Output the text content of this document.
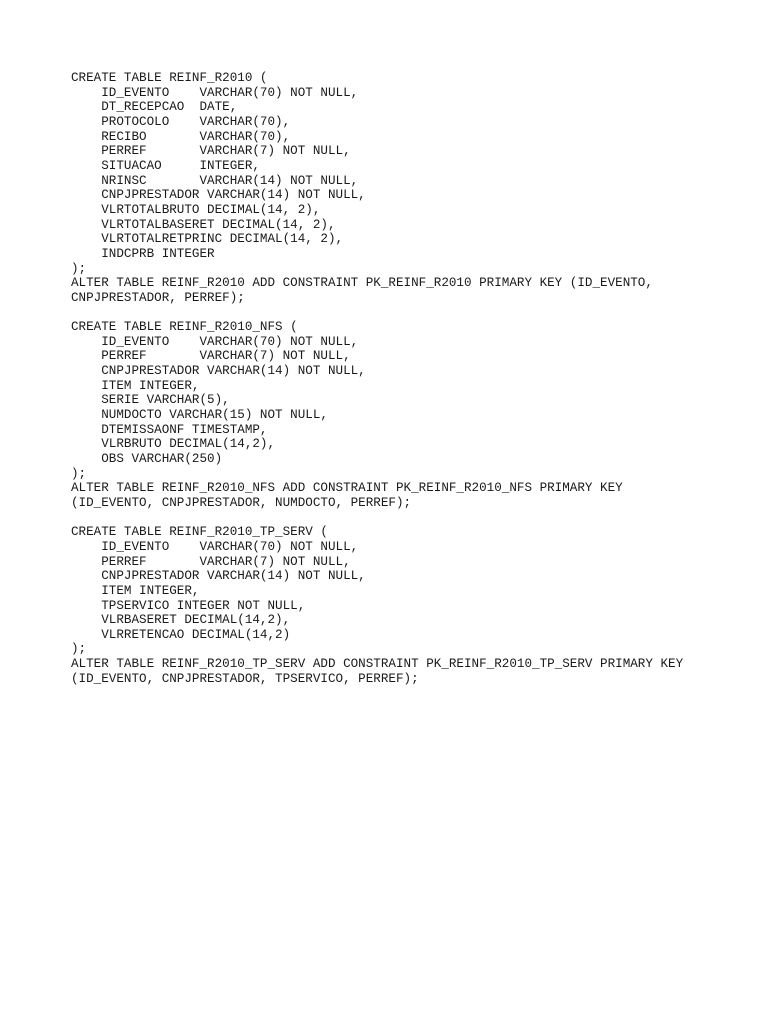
CREATE TABLE REINF_R2010 (
ID_EVENTO    VARCHAR(70) NOT NULL,
DT_RECEPCAO  DATE,
PROTOCOLO    VARCHAR(70),
RECIBO       VARCHAR(70),
PERREF       VARCHAR(7) NOT NULL,
SITUACAO     INTEGER,
NRINSC       VARCHAR(14) NOT NULL,
CNPJPRESTADOR VARCHAR(14) NOT NULL,
VLRTOTALBRUTO DECIMAL(14, 2),
VLRTOTALBASERET DECIMAL(14, 2),
VLRTOTALRETPRINC DECIMAL(14, 2),
INDCPRB INTEGER
);
ALTER TABLE REINF_R2010 ADD CONSTRAINT PK_REINF_R2010 PRIMARY KEY (ID_EVENTO,
CNPJPRESTADOR, PERREF);
CREATE TABLE REINF_R2010_NFS (
ID_EVENTO    VARCHAR(70) NOT NULL,
PERREF       VARCHAR(7) NOT NULL,
CNPJPRESTADOR VARCHAR(14) NOT NULL,
ITEM INTEGER,
SERIE VARCHAR(5),
NUMDOCTO VARCHAR(15) NOT NULL,
DTEMISSAONF TIMESTAMP,
VLRBRUTO DECIMAL(14,2),
OBS VARCHAR(250)
);
ALTER TABLE REINF_R2010_NFS ADD CONSTRAINT PK_REINF_R2010_NFS PRIMARY KEY
(ID_EVENTO, CNPJPRESTADOR, NUMDOCTO, PERREF);
CREATE TABLE REINF_R2010_TP_SERV (
ID_EVENTO    VARCHAR(70) NOT NULL,
PERREF       VARCHAR(7) NOT NULL,
CNPJPRESTADOR VARCHAR(14) NOT NULL,
ITEM INTEGER,
TPSERVICO INTEGER NOT NULL,
VLRBASERET DECIMAL(14,2),
VLRRETENCAO DECIMAL(14,2)
);
ALTER TABLE REINF_R2010_TP_SERV ADD CONSTRAINT PK_REINF_R2010_TP_SERV PRIMARY KEY
(ID_EVENTO, CNPJPRESTADOR, TPSERVICO, PERREF);
